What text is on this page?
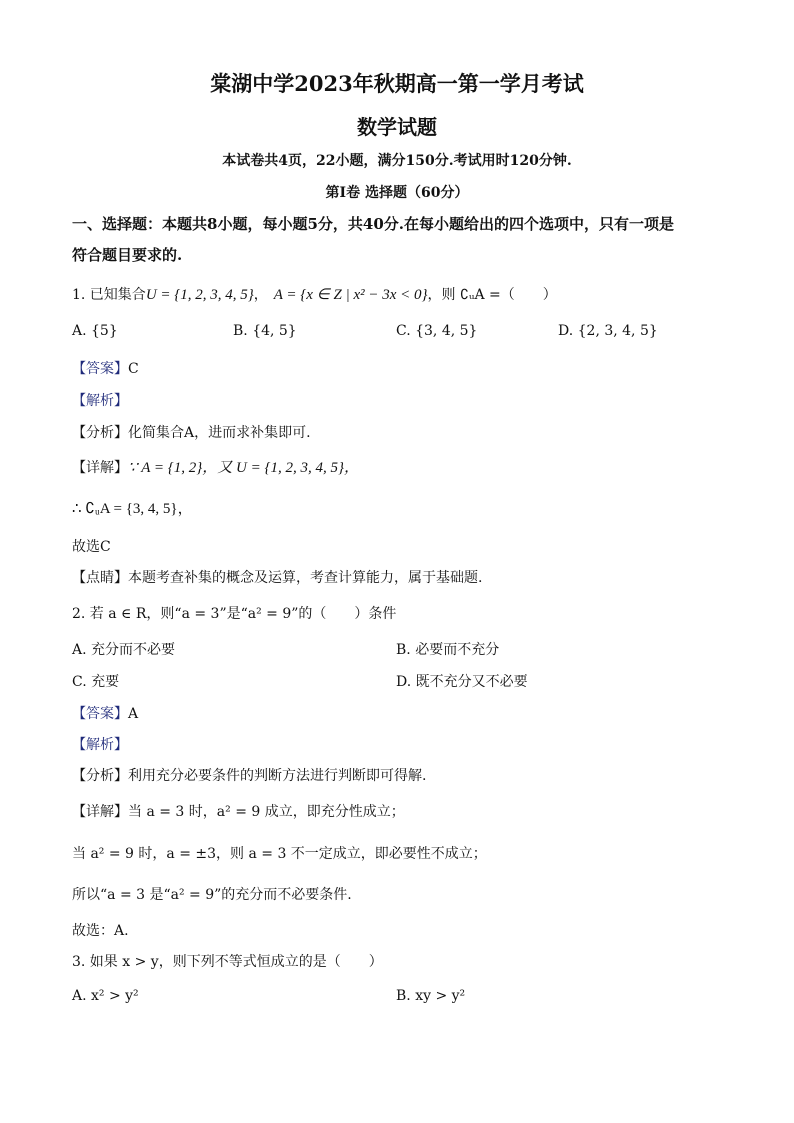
棠湖中学2023年秋期高一第一学月考试
数学试题
本试卷共4页，22小题，满分150分.考试用时120分钟.
第I卷 选择题（60分）
一、选择题：本题共8小题，每小题5分，共40分.在每小题给出的四个选项中，只有一项是
符合题目要求的.
1. 已知集合U = {1, 2, 3, 4, 5}， A = {x ∈ Z | x² − 3x < 0}，则 ∁ᵤA =（　　）
A. {5}	B. {4, 5}	C. {3, 4, 5}	D. {2, 3, 4, 5}
【答案】C
【解析】
【分析】化简集合A，进而求补集即可.
【详解】∵ A = {1, 2}，又 U = {1, 2, 3, 4, 5}，
∴ ∁ᵤA = {3, 4, 5}，
故选C
【点睛】本题考查补集的概念及运算，考查计算能力，属于基础题.
2. 若 a ∈ R，则“a = 3”是“a² = 9”的（　　）条件
A. 充分而不必要	B. 必要而不充分
C. 充要	D. 既不充分又不必要
【答案】A
【解析】
【分析】利用充分必要条件的判断方法进行判断即可得解.
【详解】当 a = 3 时，a² = 9 成立，即充分性成立；
当 a² = 9 时，a = ±3，则 a = 3 不一定成立，即必要性不成立；
所以“a = 3 是“a² = 9”的充分而不必要条件.
故选：A.
3. 如果 x > y，则下列不等式恒成立的是（　　）
A. x² > y²	B. xy > y²
